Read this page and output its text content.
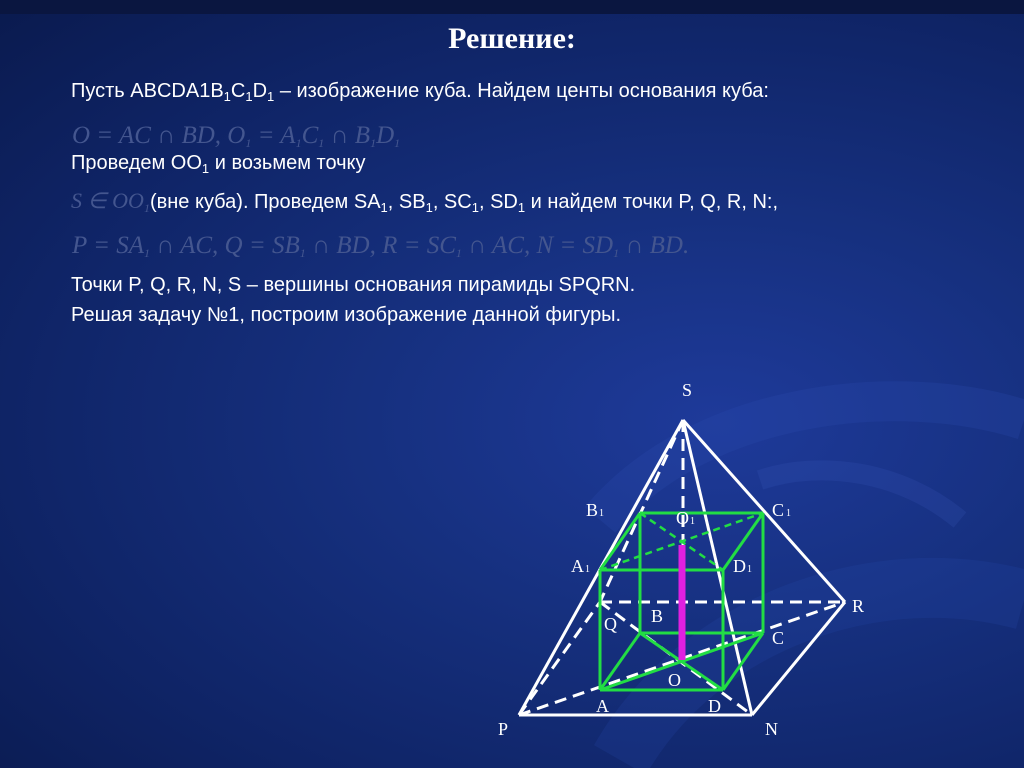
Решение:
Пусть $ABCDA1B_1C_1D_1$ – изображение куба. Найдем центы основания куба:
O = AC ∩ BD, $O_1 = A_1C_1$ ∩ $B_1D_1$
Проведем $OO_1$ и возьмем точку
S ∈ $OO_1(вне$ куба). Проведем $SA_1$, $SB_1$, $SC_1$, $SD_1$ и найдем точки P, Q, R, N:,
$P = SA_1$ ∩ AC, $Q = SB_1$ ∩ BD, $R = SC_1$ ∩ AC, $N = SD_1$ ∩ BD.
Точки P, Q, R, N, S – вершины основания пирамиды SPQRN.
Решая задачу №1, построим изображение данной фигуры.
S
P	N
R
Q B
C
O
A	D
B 1	C 1
A 1	D 1
O 1
